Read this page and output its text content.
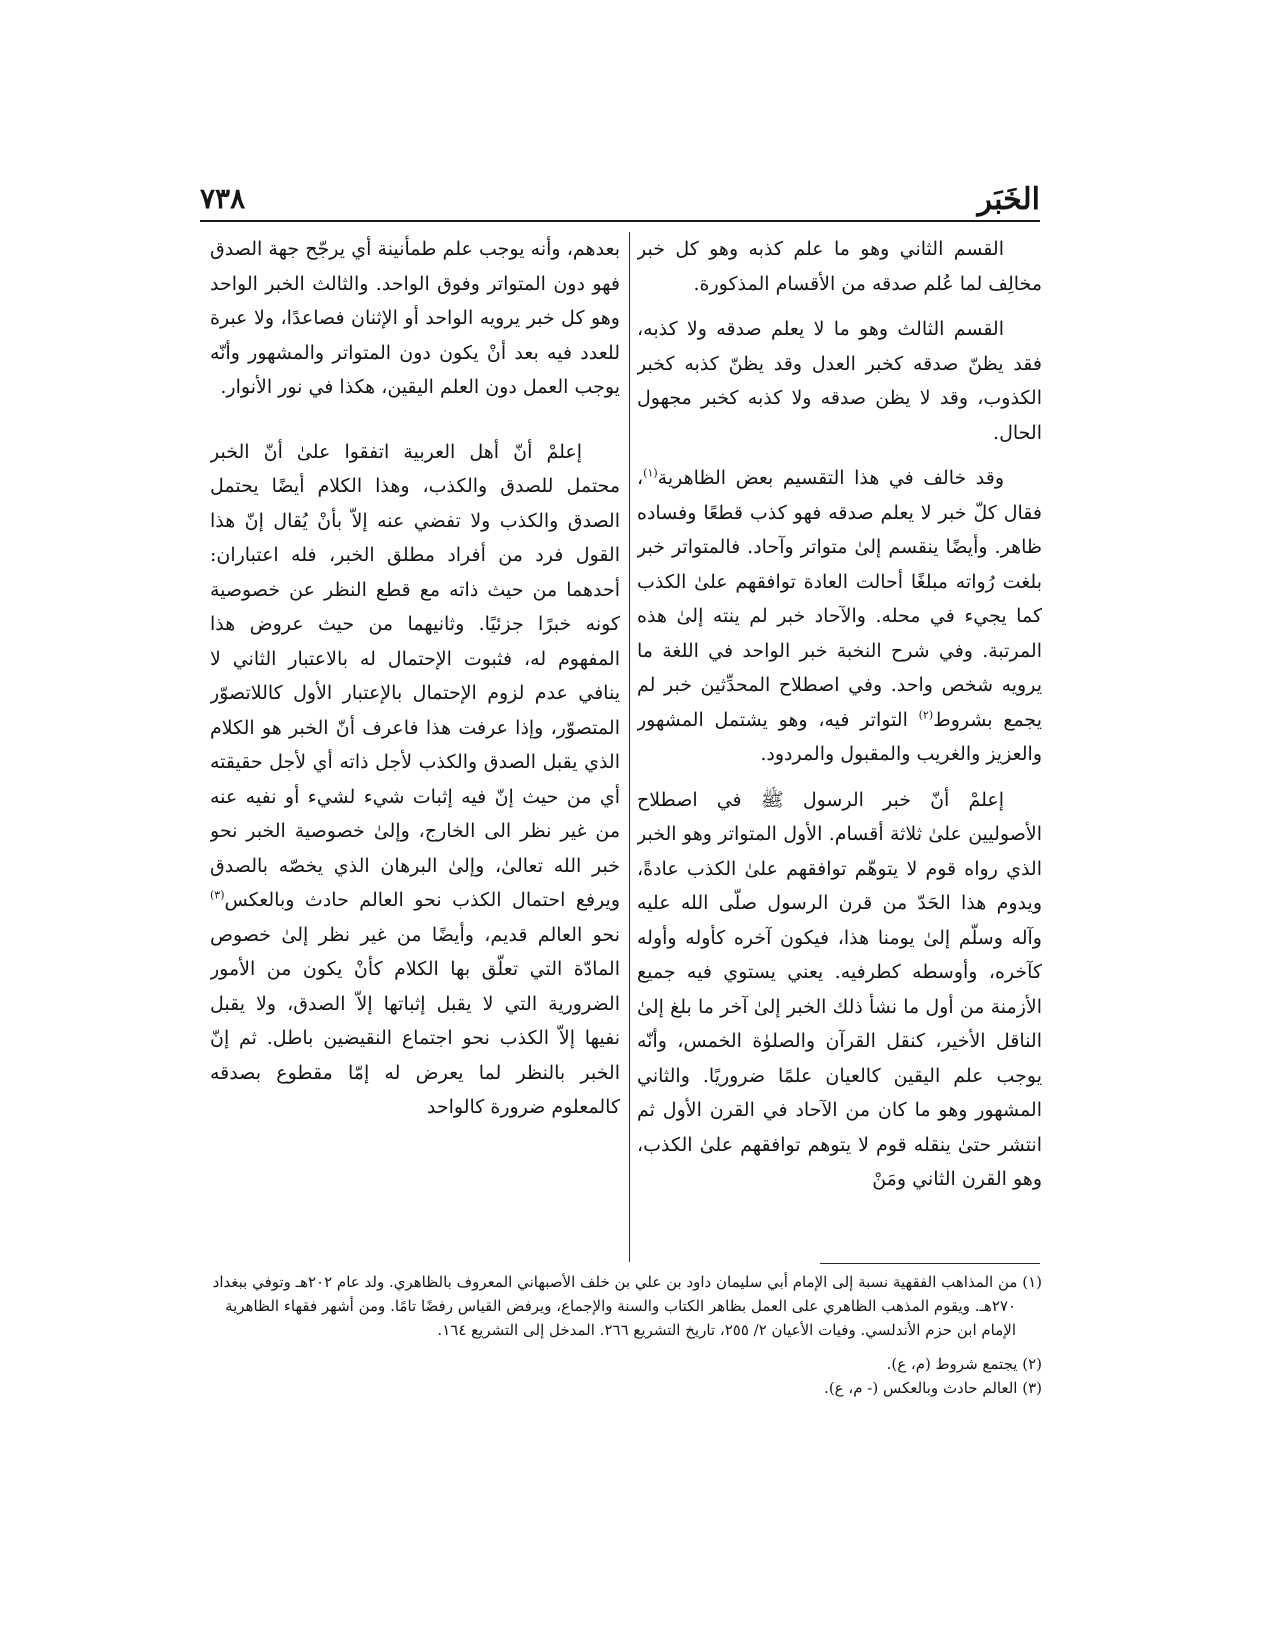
الخَبَر
٧٣٨

القسم الثاني وهو ما علم كذبه وهو كل خبر مخالِف لما عُلم صدقه من الأقسام المذكورة.

القسم الثالث وهو ما لا يعلم صدقه ولا كذبه، فقد يظنّ صدقه كخبر العدل وقد يظنّ كذبه كخبر الكذوب، وقد لا يظن صدقه ولا كذبه كخبر مجهول الحال.

وقد خالف في هذا التقسيم بعض الظاهرية$^{(١)}$، فقال كلّ خبر لا يعلم صدقه فهو كذب قطعًا وفساده ظاهر. وأيضًا ينقسم إلىٰ متواتر وآحاد. فالمتواتر خبر بلغت رُواته مبلغًا أحالت العادة توافقهم علىٰ الكذب كما يجيء في محله. والآحاد خبر لم ينته إلىٰ هذه المرتبة. وفي شرح النخبة خبر الواحد في اللغة ما يرويه شخص واحد. وفي اصطلاح المحدِّثين خبر لم يجمع بشروط$^{(٢)}$ التواتر فيه، وهو يشتمل المشهور والعزيز والغريب والمقبول والمردود.

إعلمْ أنّ خبر الرسول ﷺ في اصطلاح الأصوليين علىٰ ثلاثة أقسام. الأول المتواتر وهو الخبر الذي رواه قوم لا يتوهّم توافقهم علىٰ الكذب عادةً، ويدوم هذا الحَدّ من قرن الرسول صلّى الله عليه وآله وسلّم إلىٰ يومنا هذا، فيكون آخره كأوله وأوله كآخره، وأوسطه كطرفيه. يعني يستوي فيه جميع الأزمنة من أول ما نشأ ذلك الخبر إلىٰ آخر ما بلغ إلىٰ الناقل الأخير، كنقل القرآن والصلوٰة الخمس، وأنّه يوجب علم اليقين كالعيان علمًا ضروريًا. والثاني المشهور وهو ما كان من الآحاد في القرن الأول ثم انتشر حتىٰ ينقله قوم لا يتوهم توافقهم علىٰ الكذب، وهو القرن الثاني ومَنْ

بعدهم، وأنه يوجب علم طمأنينة أي يرجّح جهة الصدق فهو دون المتواتر وفوق الواحد. والثالث الخبر الواحد وهو كل خبر يرويه الواحد أو الإثنان فصاعدًا، ولا عبرة للعدد فيه بعد أنْ يكون دون المتواتر والمشهور وأنّه يوجب العمل دون العلم اليقين، هكذا في نور الأنوار.

إعلمْ أنّ أهل العربية اتفقوا علىٰ أنّ الخبر محتمل للصدق والكذب، وهذا الكلام أيضًا يحتمل الصدق والكذب ولا تفضي عنه إلاّ بأنْ يُقال إنّ هذا القول فرد من أفراد مطلق الخبر، فله اعتباران: أحدهما من حيث ذاته مع قطع النظر عن خصوصية كونه خبرًا جزئيًا. وثانيهما من حيث عروض هذا المفهوم له، فثبوت الإحتمال له بالاعتبار الثاني لا ينافي عدم لزوم الإحتمال بالإعتبار الأول كاللاتصوّر المتصوّر، وإذا عرفت هذا فاعرف أنّ الخبر هو الكلام الذي يقبل الصدق والكذب لأجل ذاته أي لأجل حقيقته أي من حيث إنّ فيه إثبات شيء لشيء أو نفيه عنه من غير نظر الى الخارج، وإلىٰ خصوصية الخبر نحو خبر الله تعالىٰ، وإلىٰ البرهان الذي يخصّه بالصدق ويرفع احتمال الكذب نحو العالم حادث وبالعكس$^{(٣)}$ نحو العالم قديم، وأيضًا من غير نظر إلىٰ خصوص المادّة التي تعلّق بها الكلام كأنْ يكون من الأمور الضرورية التي لا يقبل إثباتها إلاّ الصدق، ولا يقبل نفيها إلاّ الكذب نحو اجتماع النقيضين باطل. ثم إنّ الخبر بالنظر لما يعرض له إمّا مقطوع بصدقه كالمعلوم ضرورة كالواحد

(١) من المذاهب الفقهية نسبة إلى الإمام أبي سليمان داود بن علي بن خلف الأصبهاني المعروف بالظاهري. ولد عام ٢٠٢هـ وتوفي ببغداد ٢٧٠هـ. ويقوم المذهب الظاهري على العمل بظاهر الكتاب والسنة والإجماع، ويرفض القياس رفضًا تامًا. ومن أشهر فقهاء الظاهرية الإمام ابن حزم الأندلسي. وفيات الأعيان ٢/ ٢٥٥، تاريخ التشريع ٢٦٦. المدخل إلى التشريع ١٦٤.

(٢) يجتمع شروط (م، ع).

(٣) العالم حادث وبالعكس (- م، ع).
